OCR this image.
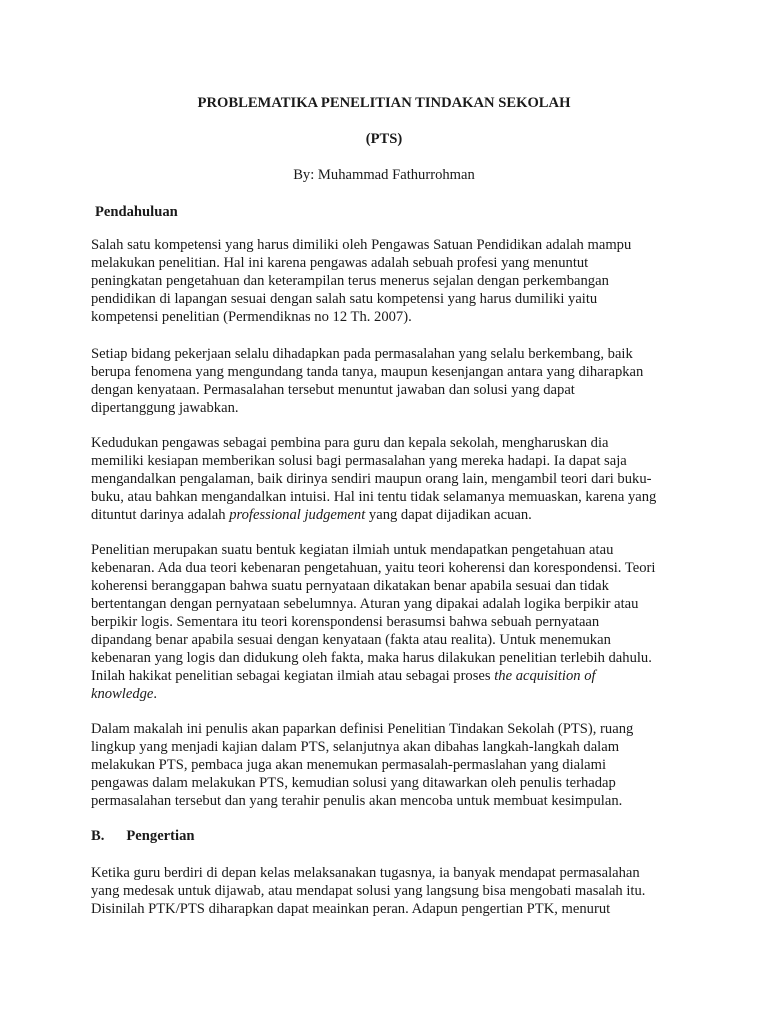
PROBLEMATIKA PENELITIAN TINDAKAN SEKOLAH
(PTS)
By: Muhammad Fathurrohman
Pendahuluan

Salah satu kompetensi yang harus dimiliki oleh Pengawas Satuan Pendidikan adalah mampu
melakukan penelitian. Hal ini karena pengawas adalah sebuah profesi yang menuntut
peningkatan pengetahuan dan keterampilan terus menerus sejalan dengan perkembangan
pendidikan di lapangan sesuai dengan salah satu kompetensi yang harus dumiliki yaitu
kompetensi penelitian (Permendiknas no 12 Th. 2007).

Setiap bidang pekerjaan selalu dihadapkan pada permasalahan yang selalu berkembang, baik
berupa fenomena yang mengundang tanda tanya, maupun kesenjangan antara yang diharapkan
dengan kenyataan. Permasalahan tersebut menuntut jawaban dan solusi yang dapat
dipertanggung jawabkan.

Kedudukan pengawas sebagai pembina para guru dan kepala sekolah, mengharuskan dia
memiliki kesiapan memberikan solusi bagi permasalahan yang mereka hadapi. Ia dapat saja
mengandalkan pengalaman, baik dirinya sendiri maupun orang lain, mengambil teori dari buku-
buku, atau bahkan mengandalkan intuisi. Hal ini tentu tidak selamanya memuaskan, karena yang
dituntut darinya adalah professional judgement yang dapat dijadikan acuan.

Penelitian merupakan suatu bentuk kegiatan ilmiah untuk mendapatkan pengetahuan atau
kebenaran. Ada dua teori kebenaran pengetahuan, yaitu teori koherensi dan korespondensi. Teori
koherensi beranggapan bahwa suatu pernyataan dikatakan benar apabila sesuai dan tidak
bertentangan dengan pernyataan sebelumnya. Aturan yang dipakai adalah logika berpikir atau
berpikir logis. Sementara itu teori korenspondensi berasumsi bahwa sebuah pernyataan
dipandang benar apabila sesuai dengan kenyataan (fakta atau realita). Untuk menemukan
kebenaran yang logis dan didukung oleh fakta, maka harus dilakukan penelitian terlebih dahulu.
Inilah hakikat penelitian sebagai kegiatan ilmiah atau sebagai proses the acquisition of
knowledge.

Dalam makalah ini penulis akan paparkan definisi Penelitian Tindakan Sekolah (PTS), ruang
lingkup yang menjadi kajian dalam PTS, selanjutnya akan dibahas langkah-langkah dalam
melakukan PTS, pembaca juga akan menemukan permasalah-permaslahan yang dialami
pengawas dalam melakukan PTS, kemudian solusi yang ditawarkan oleh penulis terhadap
permasalahan tersebut dan yang terahir penulis akan mencoba untuk membuat kesimpulan.

B. Pengertian

Ketika guru berdiri di depan kelas melaksanakan tugasnya, ia banyak mendapat permasalahan
yang medesak untuk dijawab, atau mendapat solusi yang langsung bisa mengobati masalah itu.
Disinilah PTK/PTS diharapkan dapat meainkan peran. Adapun pengertian PTK, menurut
